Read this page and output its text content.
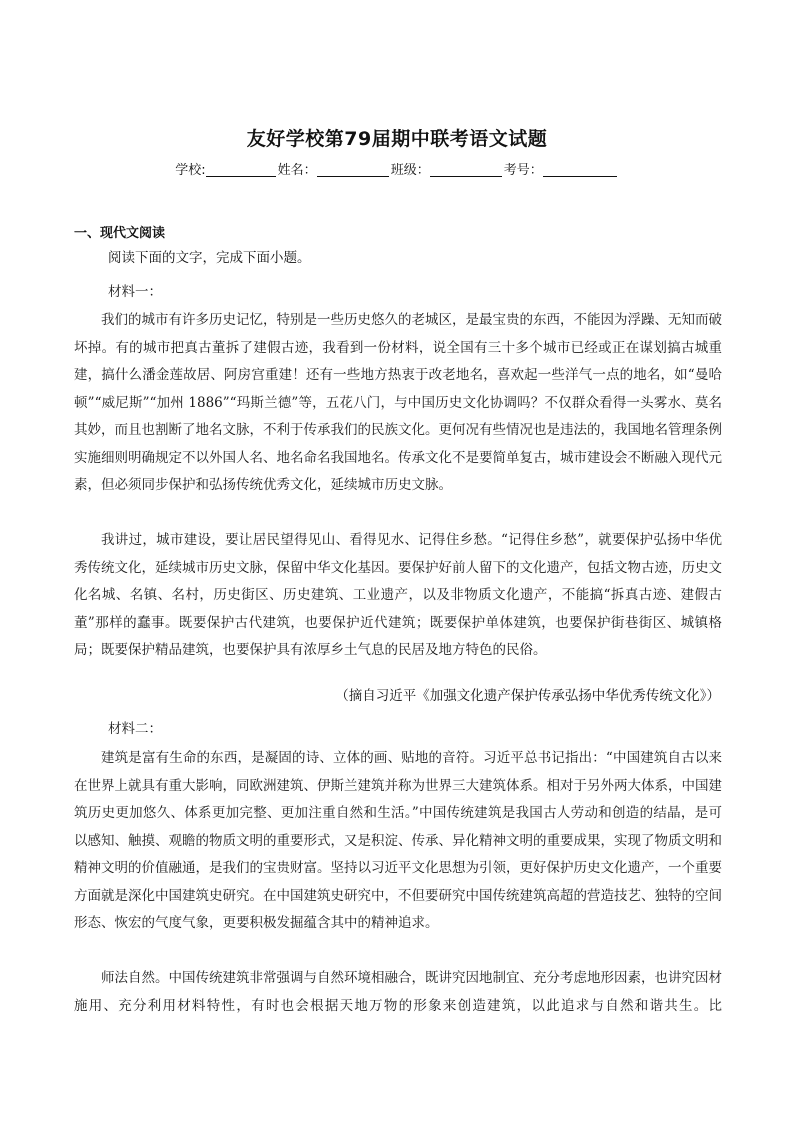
友好学校第79届期中联考语文试题
学校:	姓名：	班级：	考号：
一、现代文阅读
阅读下面的文字，完成下面小题。
材料一：

我们的城市有许多历史记忆，特别是一些历史悠久的老城区，是最宝贵的东西，不能因为浮躁、无知而破坏掉。有的城市把真古董拆了建假古迹，我看到一份材料，说全国有三十多个城市已经或正在谋划搞古城重建，搞什么潘金莲故居、阿房宫重建！还有一些地方热衷于改老地名，喜欢起一些洋气一点的地名，如“曼哈顿”“威尼斯”“加州 1886”“玛斯兰德”等，五花八门，与中国历史文化协调吗？不仅群众看得一头雾水、莫名其妙，而且也割断了地名文脉，不利于传承我们的民族文化。更何况有些情况也是违法的，我国地名管理条例实施细则明确规定不以外国人名、地名命名我国地名。传承文化不是要简单复古，城市建设会不断融入现代元素，但必须同步保护和弘扬传统优秀文化，延续城市历史文脉。

我讲过，城市建设，要让居民望得见山、看得见水、记得住乡愁。“记得住乡愁”，就要保护弘扬中华优秀传统文化，延续城市历史文脉，保留中华文化基因。要保护好前人留下的文化遗产，包括文物古迹，历史文化名城、名镇、名村，历史街区、历史建筑、工业遗产，以及非物质文化遗产，不能搞“拆真古迹、建假古董”那样的蠢事。既要保护古代建筑，也要保护近代建筑；既要保护单体建筑，也要保护街巷街区、城镇格局；既要保护精品建筑，也要保护具有浓厚乡土气息的民居及地方特色的民俗。

（摘自习近平《加强文化遗产保护传承弘扬中华优秀传统文化》）
材料二：

建筑是富有生命的东西，是凝固的诗、立体的画、贴地的音符。习近平总书记指出：“中国建筑自古以来在世界上就具有重大影响，同欧洲建筑、伊斯兰建筑并称为世界三大建筑体系。相对于另外两大体系，中国建筑历史更加悠久、体系更加完整、更加注重自然和生活。”中国传统建筑是我国古人劳动和创造的结晶，是可以感知、触摸、观瞻的物质文明的重要形式，又是积淀、传承、异化精神文明的重要成果，实现了物质文明和精神文明的价值融通，是我们的宝贵财富。坚持以习近平文化思想为引领，更好保护历史文化遗产，一个重要方面就是深化中国建筑史研究。在中国建筑史研究中，不但要研究中国传统建筑高超的营造技艺、独特的空间形态、恢宏的气度气象，更要积极发掘蕴含其中的精神追求。

师法自然。中国传统建筑非常强调与自然环境相融合，既讲究因地制宜、充分考虑地形因素，也讲究因材施用、充分利用材料特性，有时也会根据天地万物的形象来创造建筑，以此追求与自然和谐共生。比
